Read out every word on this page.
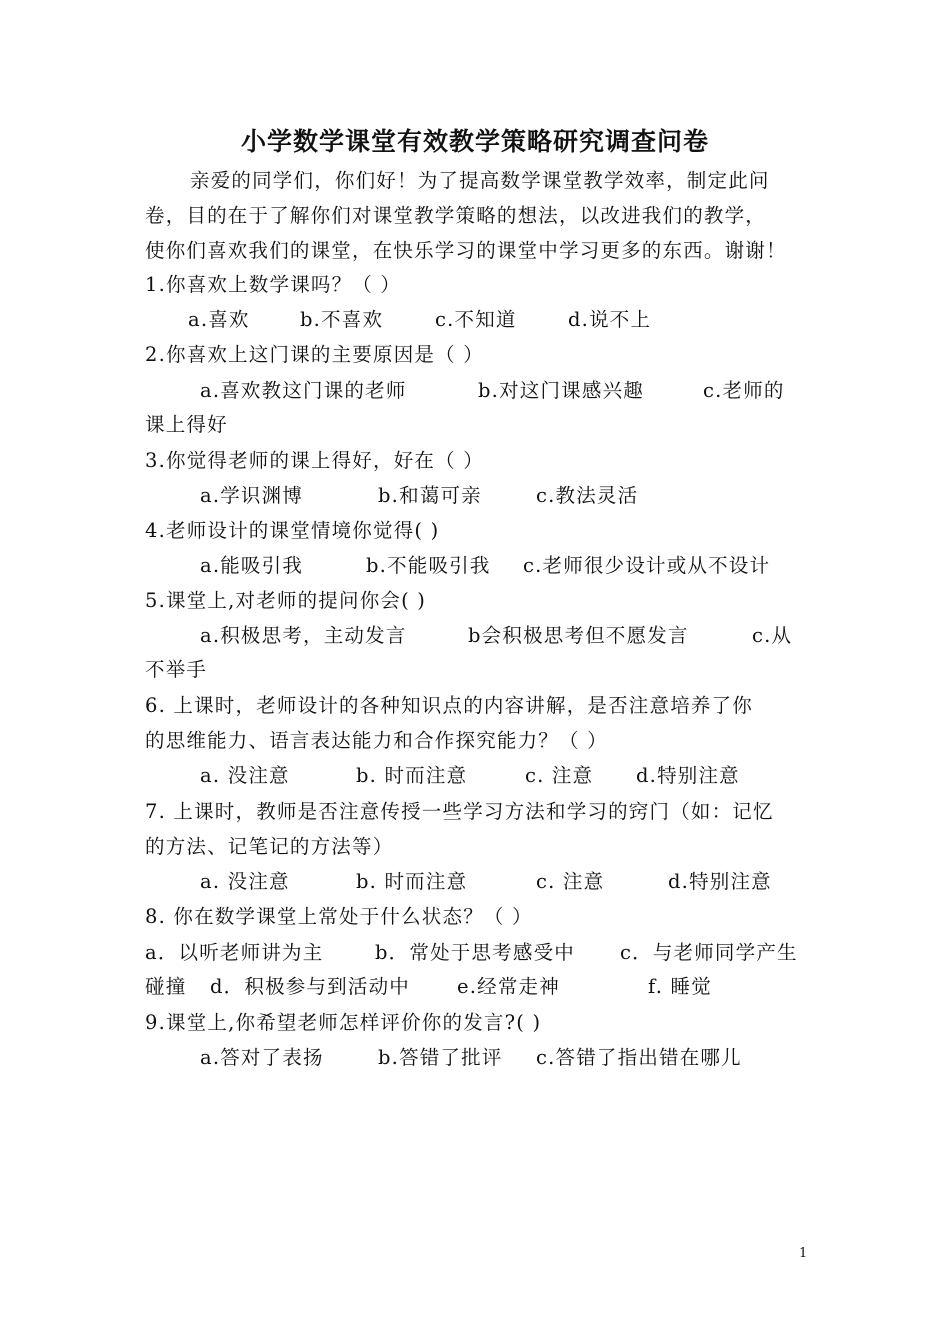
小学数学课堂有效教学策略研究调查问卷
亲爱的同学们，你们好！为了提高数学课堂教学效率，制定此问
卷，目的在于了解你们对课堂教学策略的想法，以改进我们的教学，
使你们喜欢我们的课堂，在快乐学习的课堂中学习更多的东西。谢谢！
1.你喜欢上数学课吗？（ ）
a.喜欢	b.不喜欢	c.不知道	d.说不上
2.你喜欢上这门课的主要原因是（ ）
a.喜欢教这门课的老师	b.对这门课感兴趣	c.老师的
课上得好
3.你觉得老师的课上得好，好在（ ）
a.学识渊博	b.和蔼可亲	c.教法灵活
4.老师设计的课堂情境你觉得( )
a.能吸引我	b.不能吸引我 c.老师很少设计或从不设计
5.课堂上,对老师的提问你会( )
a.积极思考，主动发言	b会积极思考但不愿发言	c.从
不举手
6. 上课时，老师设计的各种知识点的内容讲解，是否注意培养了你
的思维能力、语言表达能力和合作探究能力？（ ）
a. 没注意	b. 时而注意	c. 注意 d.特别注意
7. 上课时，教师是否注意传授一些学习方法和学习的窍门（如：记忆
的方法、记笔记的方法等）
a. 没注意	b. 时而注意	c. 注意	d.特别注意
8. 你在数学课堂上常处于什么状态？（ ）
a．以听老师讲为主	b．常处于思考感受中 c．与老师同学产生
碰撞 d．积极参与到活动中 e.经常走神	f. 睡觉
9.课堂上,你希望老师怎样评价你的发言?( )
a.答对了表扬	b.答错了批评 c.答错了指出错在哪儿
1
